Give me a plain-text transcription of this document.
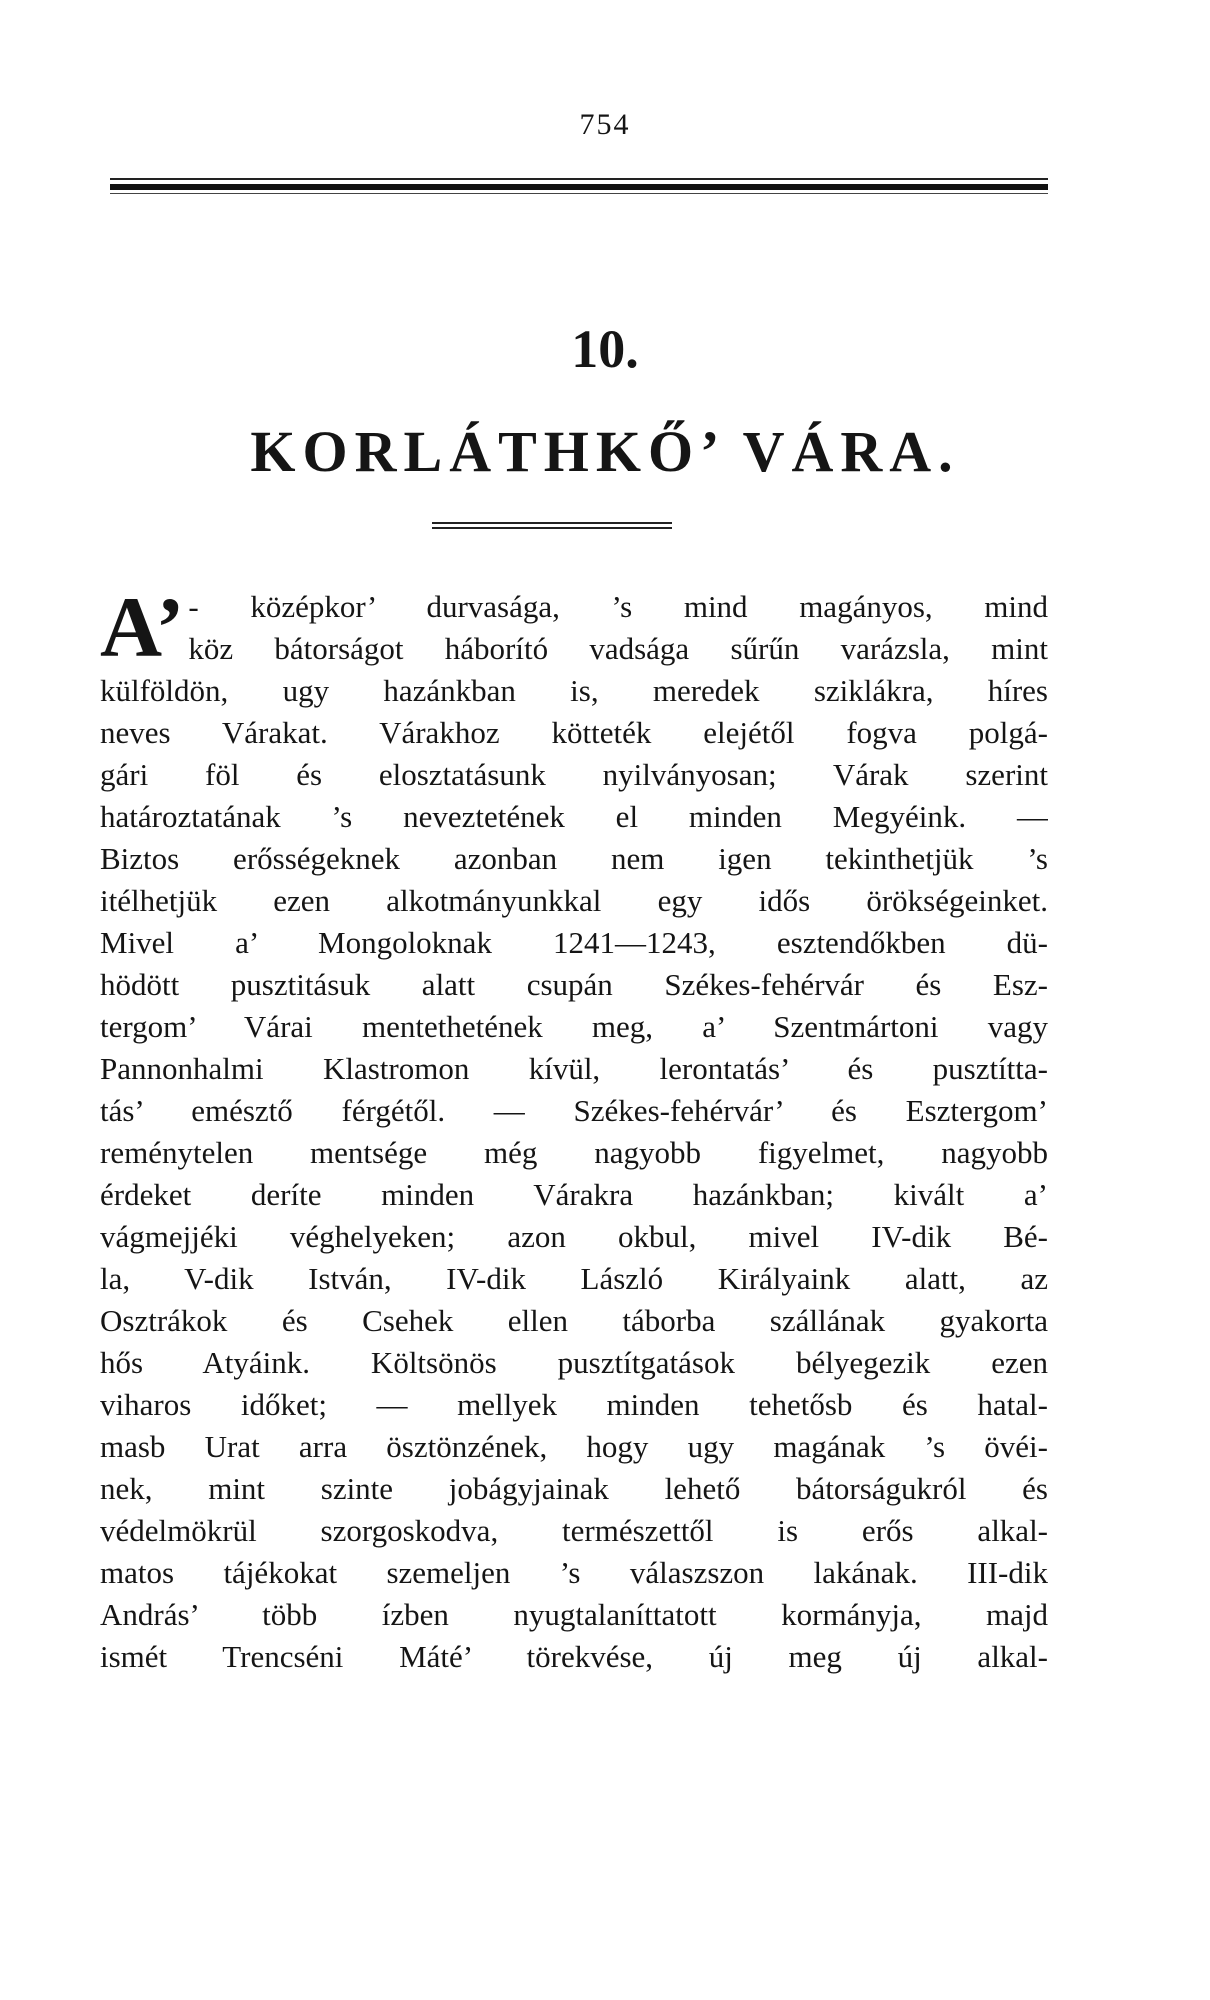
754
10.
KORLÁTHKŐ’ VÁRA.
A’ - középkor’ durvasága, ’s mind magányos, mind
köz bátorságot háborító vadsága sűrűn varázsla, mint
külföldön, ugy hazánkban is, meredek sziklákra, híres
neves Várakat. Várakhoz kötteték elejétől fogva polgá-
gári föl és elosztatásunk nyilványosan; Várak szerint
határoztatának ’s neveztetének el minden Megyéink. —
Biztos erősségeknek azonban nem igen tekinthetjük ’s
itélhetjük ezen alkotmányunkkal egy idős örökségeinket.
Mivel a’ Mongoloknak 1241—1243, esztendőkben dü-
hödött pusztitásuk alatt csupán Székes-fehérvár és Esz-
tergom’ Várai mentethetének meg, a’ Szentmártoni vagy
Pannonhalmi Klastromon kívül, lerontatás’ és pusztítta-
tás’ emésztő férgétől. — Székes-fehérvár’ és Esztergom’
reménytelen mentsége még nagyobb figyelmet, nagyobb
érdeket deríte minden Várakra hazánkban; kivált a’
vágmejjéki véghelyeken; azon okbul, mivel IV-dik Bé-
la, V-dik István, IV-dik László Királyaink alatt, az
Osztrákok és Csehek ellen táborba szállának gyakorta
hős Atyáink. Költsönös pusztítgatások bélyegezik ezen
viharos időket; — mellyek minden tehetősb és hatal-
masb Urat arra ösztönzének, hogy ugy magának ’s övéi-
nek, mint szinte jobágyjainak lehető bátorságukról és
védelmökrül szorgoskodva, természettől is erős alkal-
matos tájékokat szemeljen ’s válaszszon lakának. III-dik
András’ több ízben nyugtalaníttatott kormányja, majd
ismét Trencséni Máté’ törekvése, új meg új alkal-
